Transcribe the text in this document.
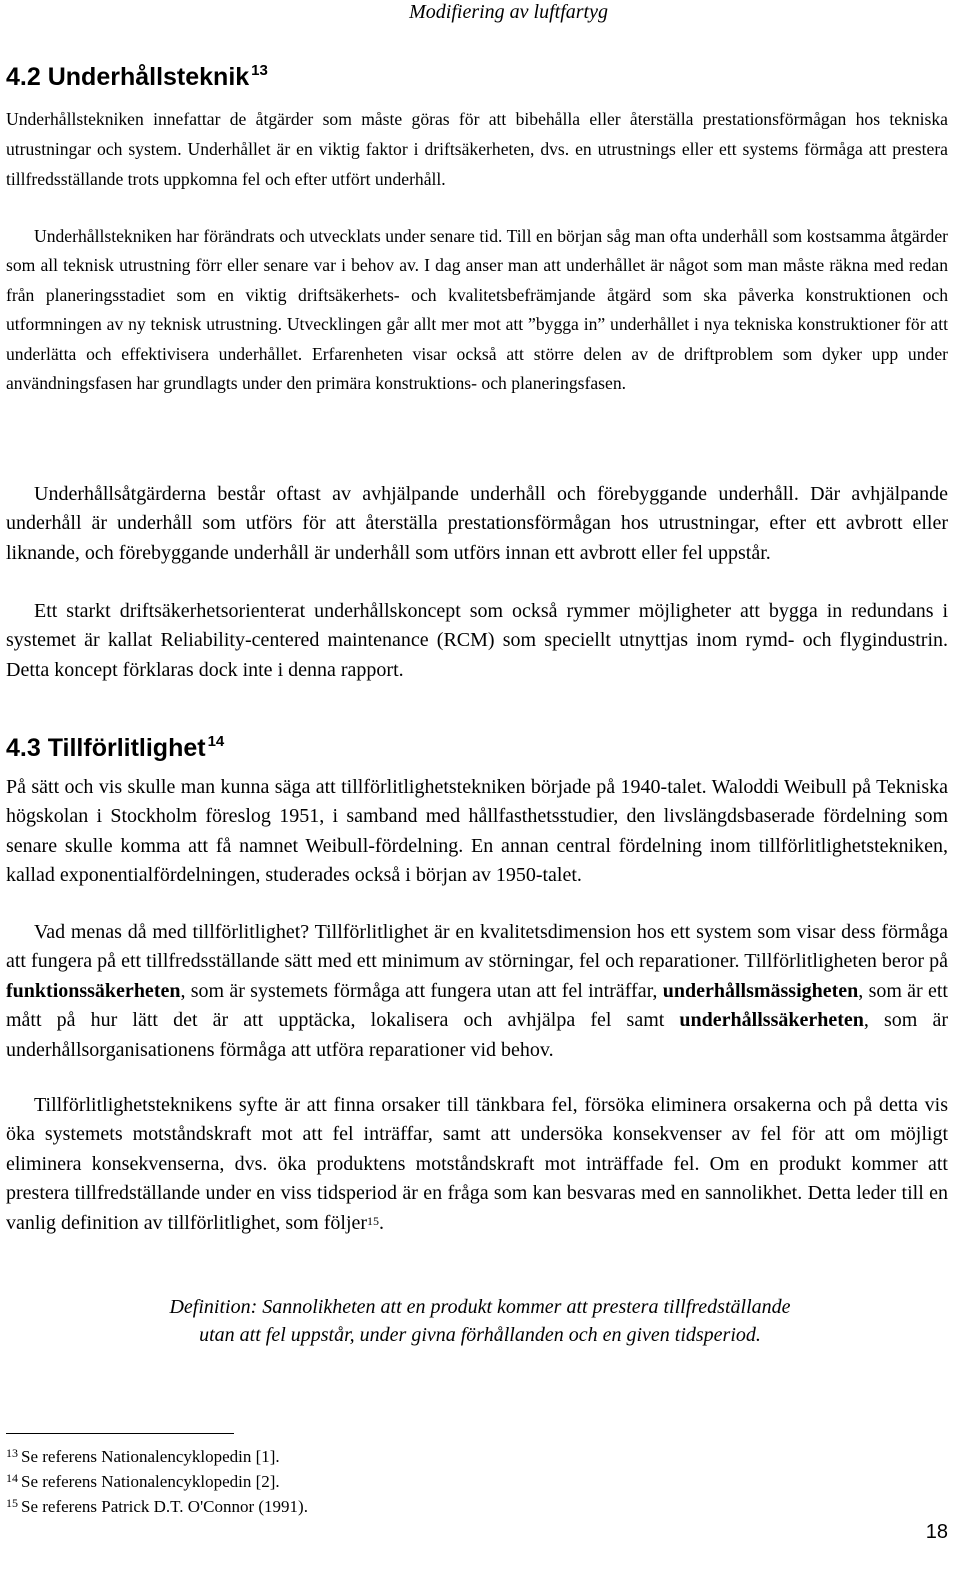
Modifiering av luftfartyg
4.2 Underhållsteknik $^{13}$

Underhållstekniken innefattar de åtgärder som måste göras för att bibehålla eller återställa prestationsförmågan hos tekniska utrustningar och system. Underhållet är en viktig faktor i driftsäkerheten, dvs. en utrustnings eller ett systems förmåga att prestera tillfredsställande trots uppkomna fel och efter utfört underhåll.

Underhållstekniken har förändrats och utvecklats under senare tid. Till en början såg man ofta underhåll som kostsamma åtgärder som all teknisk utrustning förr eller senare var i behov av. I dag anser man att underhållet är något som man måste räkna med redan från planeringsstadiet som en viktig driftsäkerhets- och kvalitetsbefrämjande åtgärd som ska påverka konstruktionen och utformningen av ny teknisk utrustning. Utvecklingen går allt mer mot att ”bygga in” underhållet i nya tekniska konstruktioner för att underlätta och effektivisera underhållet. Erfarenheten visar också att större delen av de driftproblem som dyker upp under användningsfasen har grundlagts under den primära konstruktions- och planeringsfasen.

Underhållsåtgärderna består oftast av avhjälpande underhåll och förebyggande underhåll. Där avhjälpande underhåll är underhåll som utförs för att återställa prestationsförmågan hos utrustningar, efter ett avbrott eller liknande, och förebyggande underhåll är underhåll som utförs innan ett avbrott eller fel uppstår.

Ett starkt driftsäkerhetsorienterat underhållskoncept som också rymmer möjligheter att bygga in redundans i systemet är kallat Reliability-centered maintenance (RCM) som speciellt utnyttjas inom rymd- och flygindustrin. Detta koncept förklaras dock inte i denna rapport.

4.3 Tillförlitlighet $^{14}$

På sätt och vis skulle man kunna säga att tillförlitlighetstekniken började på 1940-talet. Waloddi Weibull på Tekniska högskolan i Stockholm föreslog 1951, i samband med hållfasthetsstudier, den livslängdsbaserade fördelning som senare skulle komma att få namnet Weibull-fördelning. En annan central fördelning inom tillförlitlighetstekniken, kallad exponentialfördelningen, studerades också i början av 1950-talet.

Vad menas då med tillförlitlighet? Tillförlitlighet är en kvalitetsdimension hos ett system som visar dess förmåga att fungera på ett tillfredsställande sätt med ett minimum av störningar, fel och reparationer. Tillförlitligheten beror på funktionssäkerheten, som är systemets förmåga att fungera utan att fel inträffar, underhållsmässigheten, som är ett mått på hur lätt det är att upptäcka, lokalisera och avhjälpa fel samt underhållssäkerheten, som är underhållsorganisationens förmåga att utföra reparationer vid behov.

Tillförlitlighetsteknikens syfte är att finna orsaker till tänkbara fel, försöka eliminera orsakerna och på detta vis öka systemets motståndskraft mot att fel inträffar, samt att undersöka konsekvenser av fel för att om möjligt eliminera konsekvenserna, dvs. öka produktens motståndskraft mot inträffade fel. Om en produkt kommer att prestera tillfredställande under en viss tidsperiod är en fråga som kan besvaras med en sannolikhet. Detta leder till en vanlig definition av tillförlitlighet, som följer$^{15}$.

Definition: Sannolikheten att en produkt kommer att prestera tillfredställande
utan att fel uppstår, under givna förhållanden och en given tidsperiod.
$^{13}$ Se referens Nationalencyklopedin [1].
$^{14}$ Se referens Nationalencyklopedin [2].
$^{15}$ Se referens Patrick D.T. O'Connor (1991).
18
